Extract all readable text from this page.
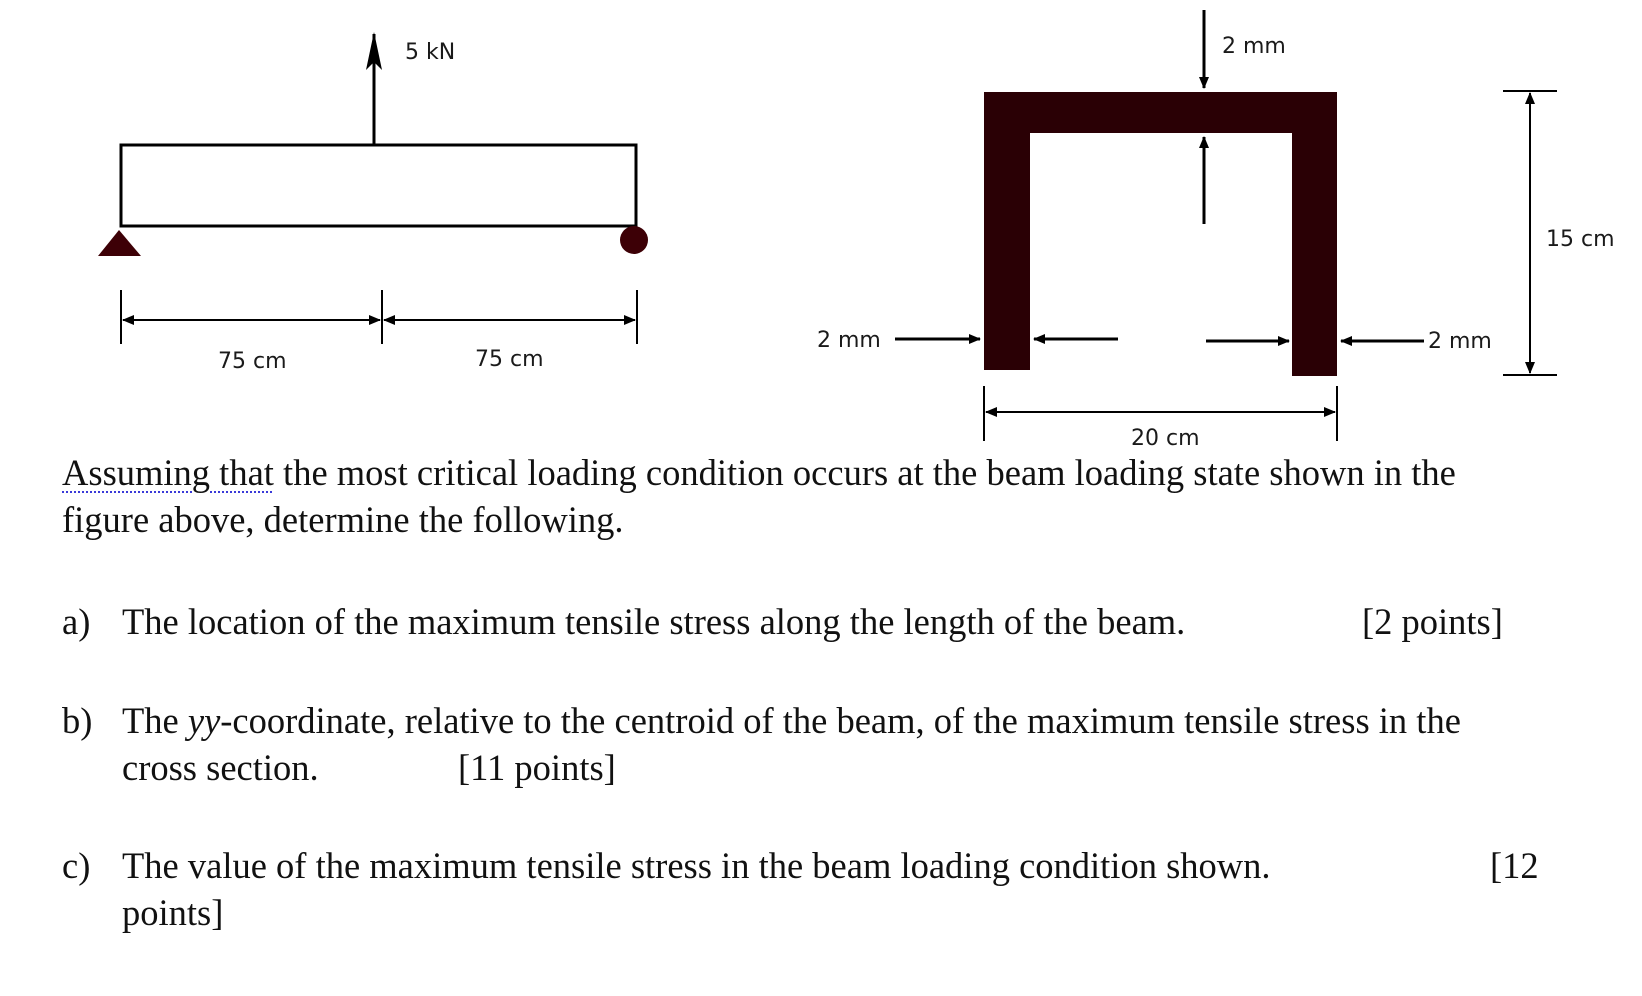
5 kN
75 cm	75 cm
2 mm
2 mm	2 mm
15 cm
20 cm
Assuming that the most critical loading condition occurs at the beam loading state shown in the
figure above, determine the following.
a) The location of the maximum tensile stress along the length of the beam.	[2 points]
b) The yy-coordinate, relative to the centroid of the beam, of the maximum tensile stress in the
cross section.	[11 points]
c) The value of the maximum tensile stress in the beam loading condition shown.	[12
points]
